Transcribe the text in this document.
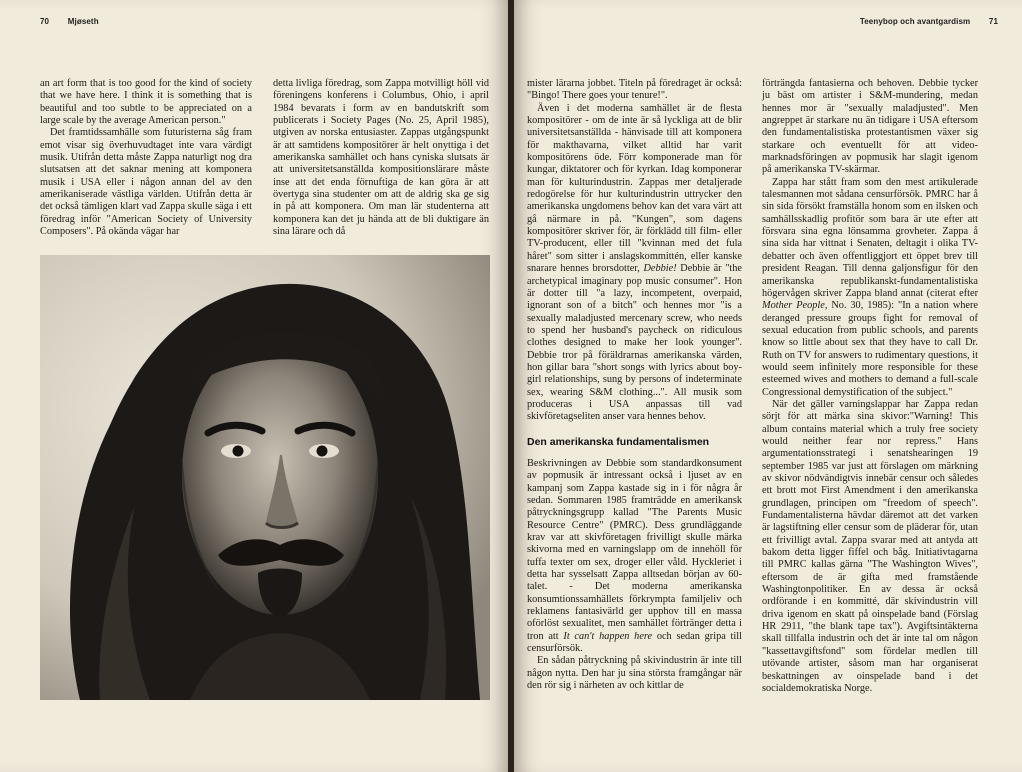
70 Mjøseth

an art form that is too good for the kind of society that we have here. I think it is something that is beautiful and too subtle to be appreciated on a large scale by the average American person."

Det framtidssamhälle som futuristerna såg fram emot visar sig överhuvudtaget inte vara värdigt musik. Utifrån detta måste Zappa naturligt nog dra slutsatsen att det saknar mening att komponera musik i USA eller i någon annan del av den amerikaniserade västliga världen. Utifrån detta är det också tämligen klart vad Zappa skulle säga i ett föredrag inför "American Society of University Composers". På okända vägar har

detta livliga föredrag, som Zappa motvilligt höll vid föreningens konferens i Columbus, Ohio, i april 1984 bevarats i form av en bandutskrift som publicerats i Society Pages (No. 25, April 1985), utgiven av norska entusiaster. Zappas utgångspunkt är att samtidens kompositörer är helt onyttiga i det amerikanska samhället och hans cyniska slutsats är att universitetsanställda kompositionslärare måste inse att det enda förnuftiga de kan göra är att övertyga sina studenter om att de aldrig ska ge sig in på att komponera. Om man lär studenterna att komponera kan det ju hända att de bli duktigare än sina lärare och då

Teenybop och avantgardism 71

mister lärarna jobbet. Titeln på föredraget är också: "Bingo! There goes your tenure!".

Även i det moderna samhället är de flesta kompositörer - om de inte är så lyckliga att de blir universitetsanställda - hänvisade till att komponera för makthavarna, vilket alltid har varit kompositörens öde. Förr komponerade man för kungar, diktatorer och för kyrkan. Idag komponerar man för kulturindustrin. Zappas mer detaljerade redogörelse för hur kulturindustrin uttrycker den amerikanska ungdomens behov kan det vara värt att gå närmare in på. "Kungen", som dagens kompositörer skriver för, är förklädd till film- eller TV-producent, eller till "kvinnan med det fula håret" som sitter i anslagskommittén, eller kanske snarare hennes brorsdotter, Debbie! Debbie är "the archetypical imaginary pop music consumer". Hon är dotter till "a lazy, incompetent, overpaid, ignorant son of a bitch" och hennes mor "is a sexually maladjusted mercenary screw, who needs to spend her husband's paycheck on ridiculous clothes designed to make her look younger". Debbie tror på föräldrarnas amerikanska värden, hon gillar bara "short songs with lyrics about boy-girl relationships, sung by persons of indeterminate sex, wearing S&M clothing...". All musik som produceras i USA anpassas till vad skivföretagseliten anser vara hennes behov.

Den amerikanska fundamentalismen

Beskrivningen av Debbie som standardkonsument av popmusik är intressant också i ljuset av en kampanj som Zappa kastade sig in i för några år sedan. Sommaren 1985 framträdde en amerikansk påtryckningsgrupp kallad "The Parents Music Resource Centre" (PMRC). Dess grundläggande krav var att skivföretagen frivilligt skulle märka skivorna med en varningslapp om de innehöll för tuffa texter om sex, droger eller våld. Hyckleriet i detta har sysselsatt Zappa alltsedan början av 60-talet. - Det moderna amerikanska konsumtionssamhällets förkrympta familjeliv och reklamens fantasivärld ger upphov till en massa oförlöst sexualitet, men samhället förtränger detta i tron att It can't happen here och sedan gripa till censurförsök.

En sådan påtryckning på skivindustrin är inte till någon nytta. Den har ju sina största framgångar när den rör sig i närheten av och kittlar de

förträngda fantasierna och behoven. Debbie tycker ju bäst om artister i S&M-mundering, medan hennes mor är "sexually maladjusted". Men angreppet är starkare nu än tidigare i USA eftersom den fundamentalistiska protestantismen växer sig starkare och eventuellt för att video-marknadsföringen av popmusik har slagit igenom på amerikanska TV-skärmar.

Zappa har stått fram som den mest artikulerade talesmannen mot sådana censurförsök. PMRC har å sin sida försökt framställa honom som en ilsken och samhällsskadlig profitör som bara är ute efter att försvara sina egna lönsamma grovheter. Zappa å sina sida har vittnat i Senaten, deltagit i olika TV-debatter och även offentliggjort ett öppet brev till president Reagan. Till denna galjonsfigur för den amerikanska republikanskt-fundamentalistiska högervågen skriver Zappa bland annat (citerat efter Mother People, No. 30, 1985): "In a nation where deranged pressure groups fight for removal of sexual education from public schools, and parents know so little about sex that they have to call Dr. Ruth on TV for answers to rudimentary questions, it would seem infinitely more responsible for these esteemed wives and mothers to demand a full-scale Congressional demystification of the subject."

När det gäller varningslappar har Zappa redan sörjt för att märka sina skivor:"Warning! This album contains material which a truly free society would neither fear nor repress." Hans argumentationsstrategi i senatshearingen 19 september 1985 var just att förslagen om märkning av skivor nödvändigtvis innebär censur och således ett brott mot First Amendment i den amerikanska grundlagen, principen om "freedom of speech". Fundamentalisterna hävdar däremot att det varken är lagstiftning eller censur som de pläderar för, utan ett frivilligt avtal. Zappa svarar med att antyda att bakom detta ligger fiffel och båg. Initiativtagarna till PMRC kallas gärna "The Washington Wives", eftersom de är gifta med framstående Washingtonpolitiker. En av dessa är också ordförande i en kommitté, där skivindustrin vill driva igenom en skatt på oinspelade band (Förslag HR 2911, "the blank tape tax"). Avgiftsintäkterna skall tillfalla industrin och det är inte tal om någon "kassettavgiftsfond" som fördelar medlen till utövande artister, såsom man har organiserat beskattningen av oinspelade band i det socialdemokratiska Norge.
